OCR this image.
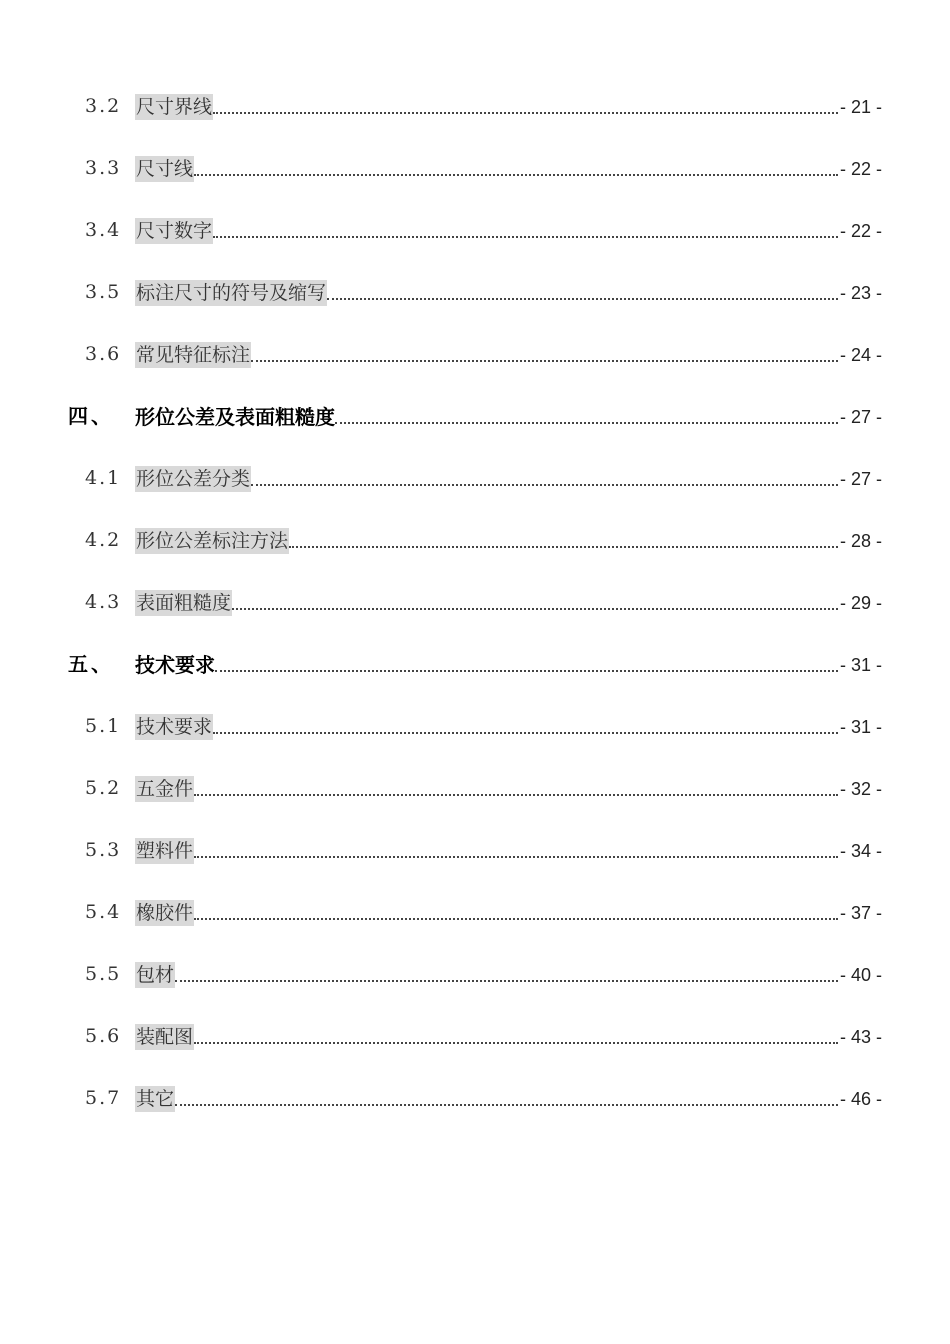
3.2 尺寸界线	- 21 -
3.3 尺寸线	- 22 -
3.4 尺寸数字	- 22 -
3.5 标注尺寸的符号及缩写	- 23 -
3.6 常见特征标注	- 24 -
四、 形位公差及表面粗糙度	- 27 -
4.1 形位公差分类	- 27 -
4.2 形位公差标注方法	- 28 -
4.3 表面粗糙度	- 29 -
五、 技术要求	- 31 -
5.1 技术要求	- 31 -
5.2 五金件	- 32 -
5.3 塑料件	- 34 -
5.4 橡胶件	- 37 -
5.5 包材	- 40 -
5.6 装配图	- 43 -
5.7 其它	- 46 -
